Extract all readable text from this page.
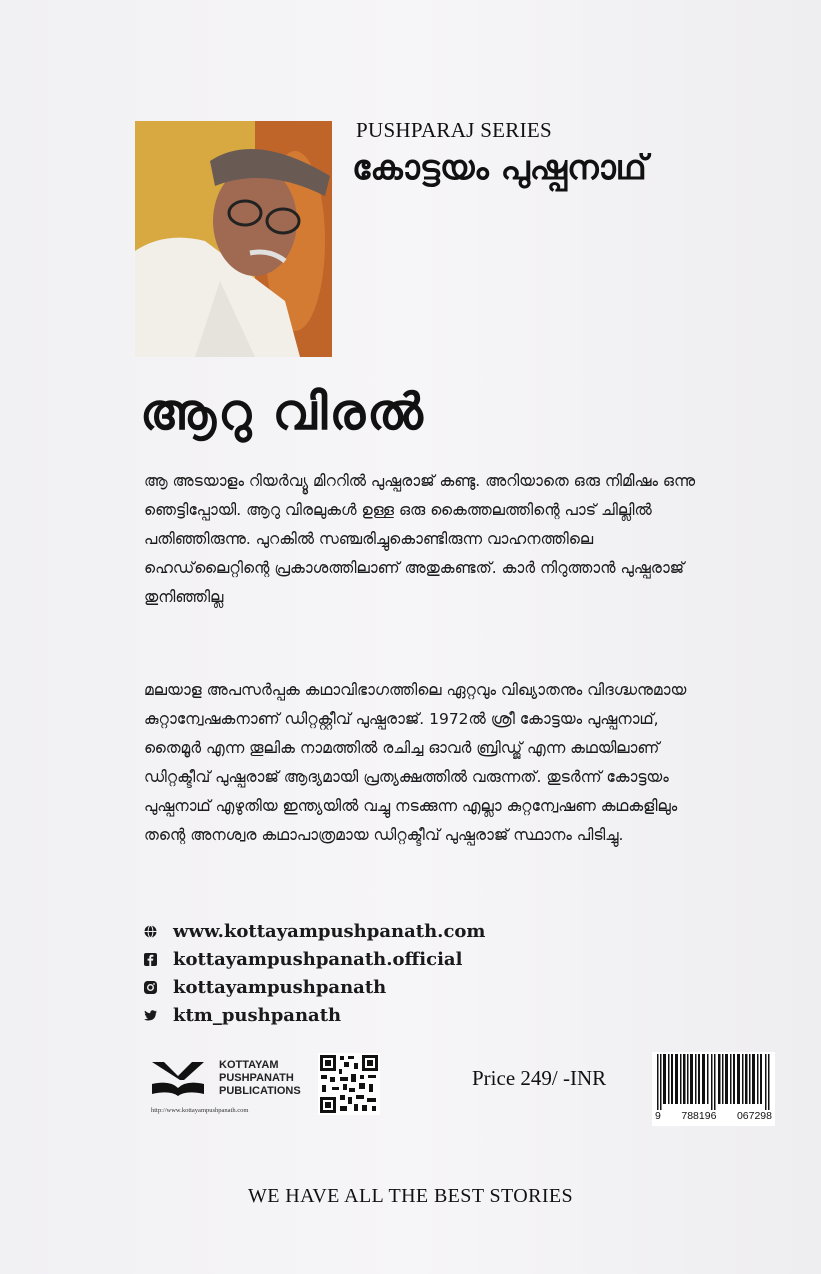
PUSHPARAJ SERIES
കോട്ടയം പുഷ്പനാഥ്
ആറു വിരൽ

ആ അടയാളം റിയർവ്യൂ മിററിൽ പുഷ്പരാജ് കണ്ടു. അറിയാതെ ഒരു നിമിഷം ഒന്നു ഞെട്ടിപ്പോയി. ആറു വിരലുകൾ ഉള്ള ഒരു കൈത്തലത്തിന്റെ പാട് ചില്ലിൽ പതിഞ്ഞിരുന്നു. പുറകിൽ സഞ്ചരിച്ചുകൊണ്ടിരുന്ന വാഹനത്തിലെ ഹെഡ്‌ലൈറ്റിന്റെ പ്രകാശത്തിലാണ് അതുകണ്ടത്. കാർ നിറുത്താൻ പുഷ്പരാജ് തുനിഞ്ഞില്ല

മലയാള അപസർപ്പക കഥാവിഭാഗത്തിലെ ഏറ്റവും വിഖ്യാതനും വിദഗ്ദ്ധനുമായ കുറ്റാന്വേഷകനാണ് ഡിറ്റക്റ്റീവ് പുഷ്പരാജ്. 1972ൽ ശ്രീ കോട്ടയം പുഷ്പനാഥ്, തൈമൂർ എന്ന തൂലിക നാമത്തിൽ രചിച്ച ഓവർ ബ്രിഡ്ജ് എന്ന കഥയിലാണ് ഡിറ്റക്ടീവ് പുഷ്പരാജ് ആദ്യമായി പ്രത്യക്ഷത്തിൽ വരുന്നത്. തുടർന്ന് കോട്ടയം പുഷ്പനാഥ് എഴുതിയ ഇന്ത്യയിൽ വച്ചു നടക്കുന്ന എല്ലാ കുറ്റന്വേഷണ കഥകളിലും തന്റെ അനശ്വര കഥാപാത്രമായ ഡിറ്റക്ടീവ് പുഷ്പരാജ് സ്ഥാനം പിടിച്ചു.

www.kottayampushpanath.com
kottayampushpanath.official
kottayampushpanath
ktm_pushpanath
KOTTAYAM
PUSHPANATH
PUBLICATIONS
http://www.kottayampushpanath.com
Price 249/ -INR
9 788196 067298
WE HAVE ALL THE BEST STORIES
